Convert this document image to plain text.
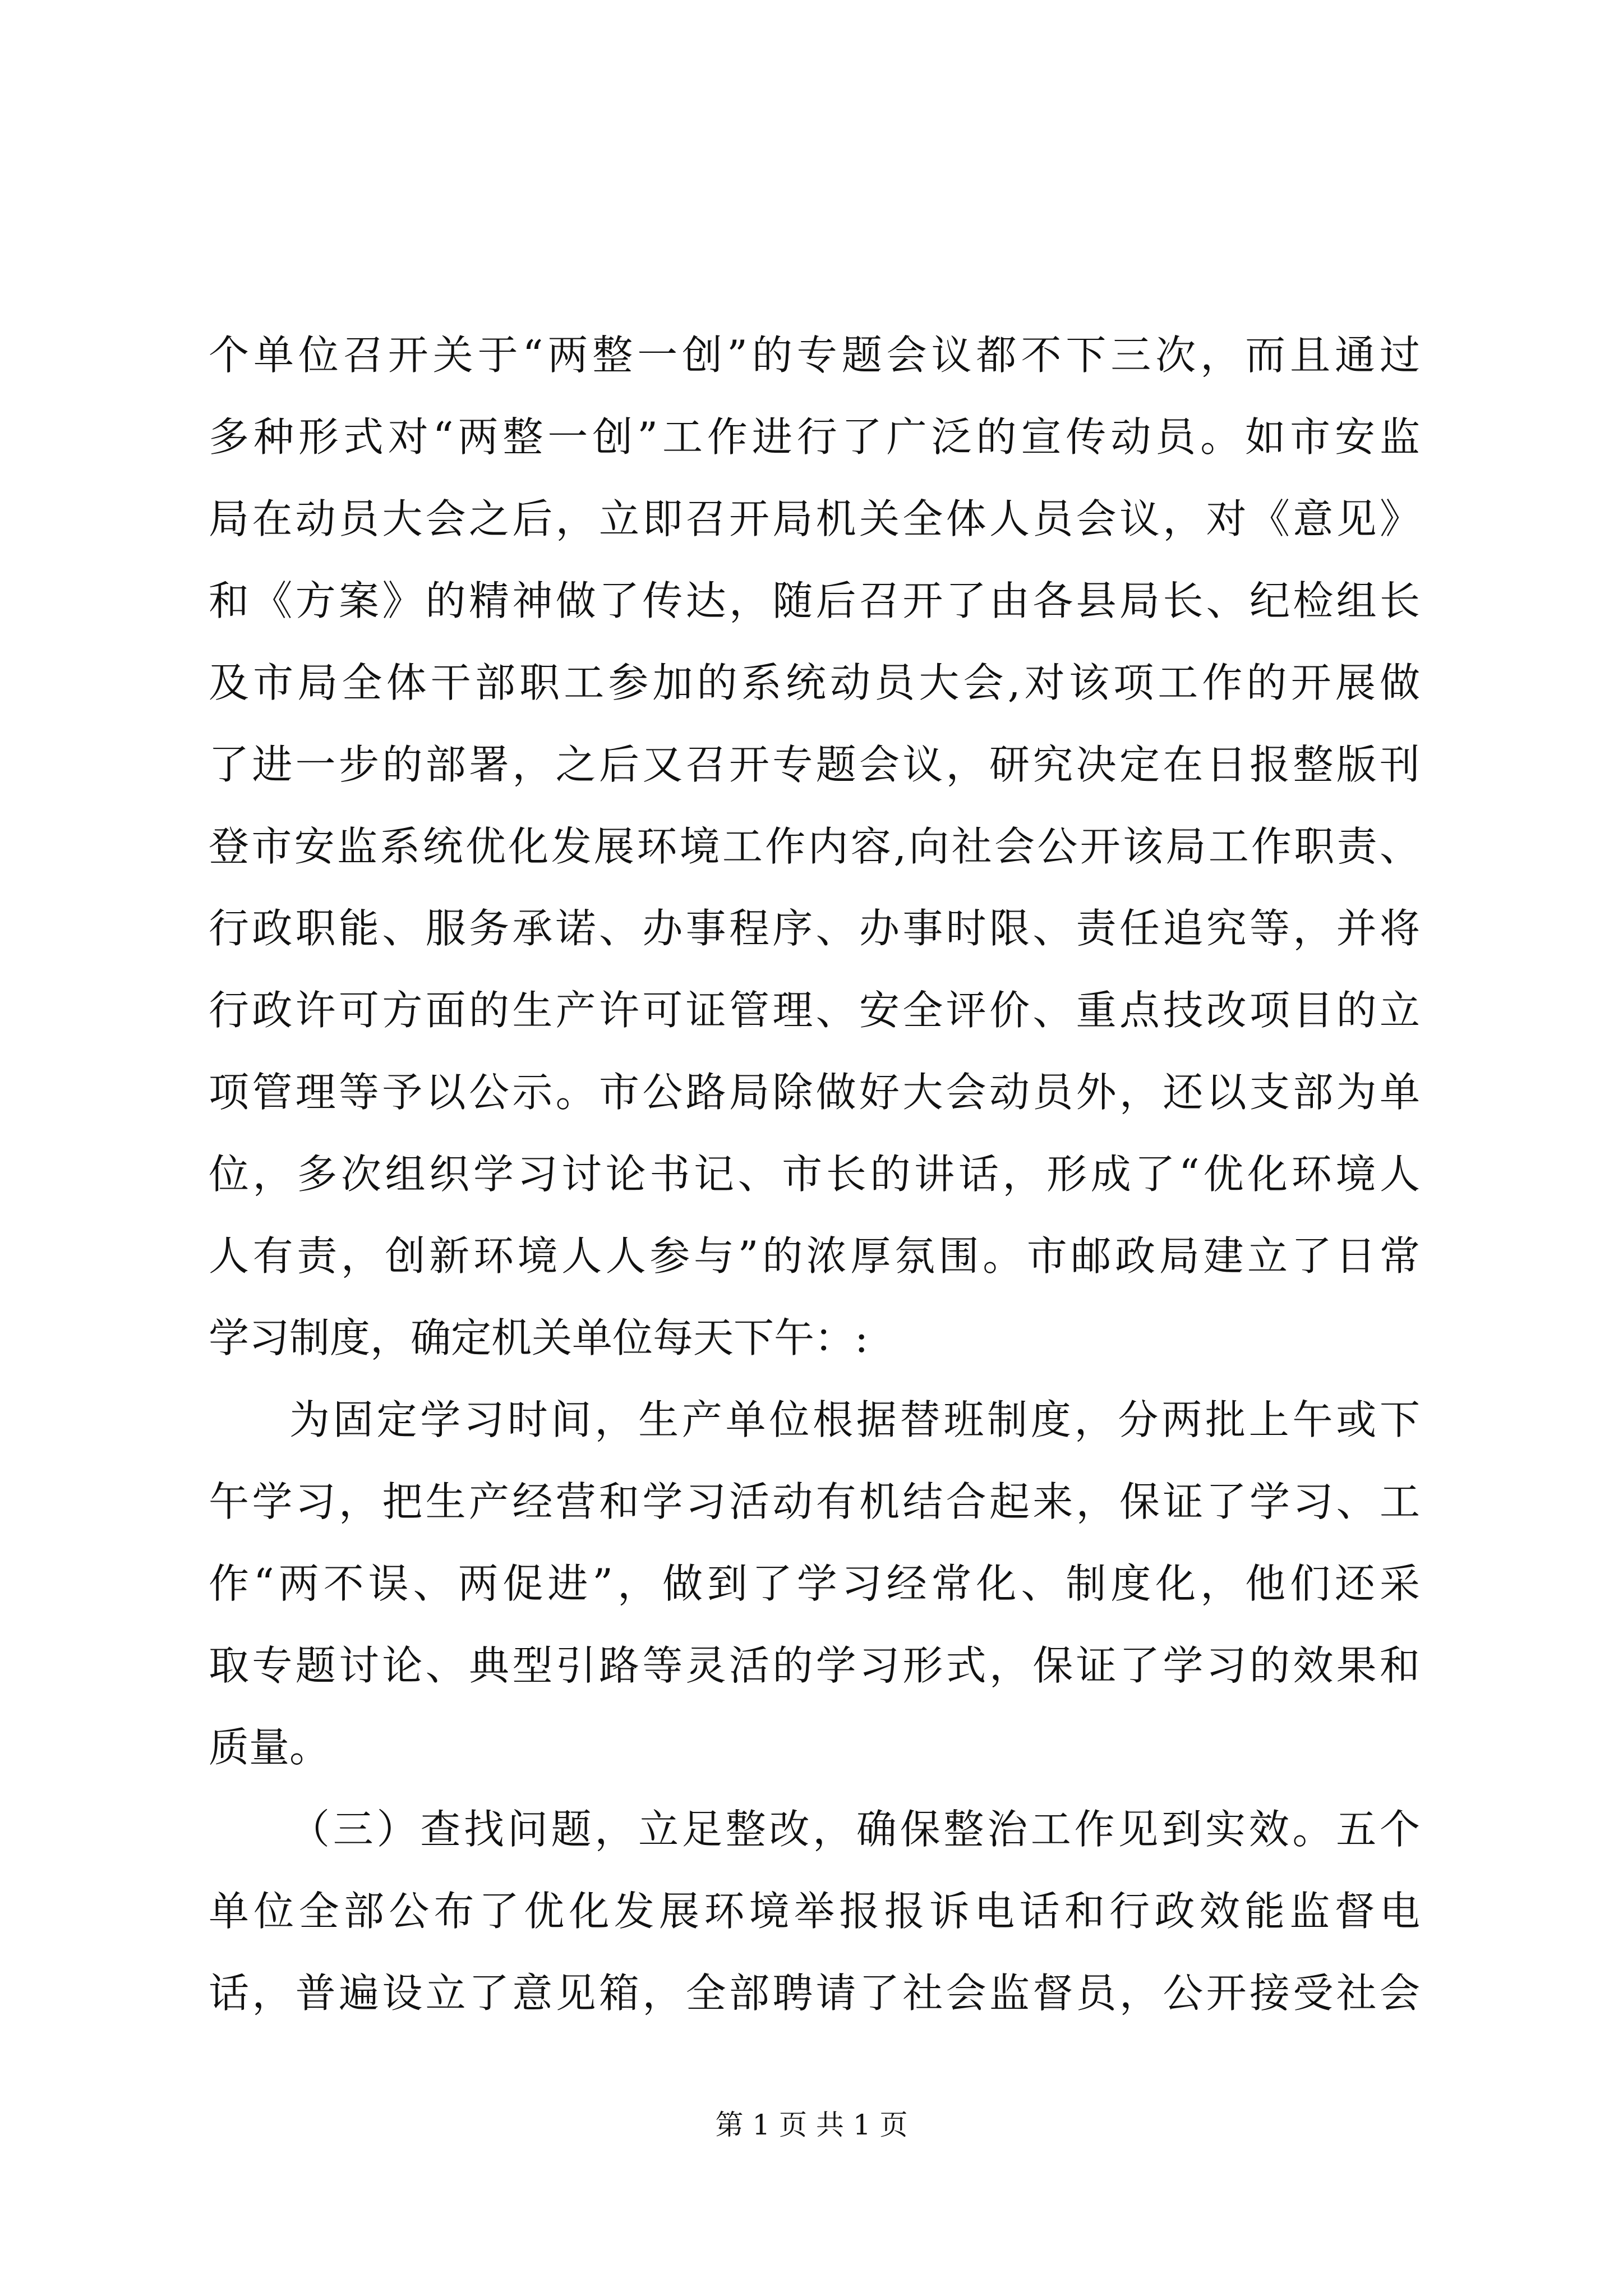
个单位召开关于“两整一创”的专题会议都不下三次，而且通过
多种形式对“两整一创”工作进行了广泛的宣传动员。如市安监
局在动员大会之后，立即召开局机关全体人员会议，对《意见》
和《方案》的精神做了传达，随后召开了由各县局长、纪检组长
及市局全体干部职工参加的系统动员大会,对该项工作的开展做
了进一步的部署，之后又召开专题会议，研究决定在日报整版刊
登市安监系统优化发展环境工作内容,向社会公开该局工作职责、
行政职能、服务承诺、办事程序、办事时限、责任追究等，并将
行政许可方面的生产许可证管理、安全评价、重点技改项目的立
项管理等予以公示。市公路局除做好大会动员外，还以支部为单
位，多次组织学习讨论书记、市长的讲话，形成了“优化环境人
人有责，创新环境人人参与”的浓厚氛围。市邮政局建立了日常
学习制度，确定机关单位每天下午：:
为固定学习时间，生产单位根据替班制度，分两批上午或下
午学习，把生产经营和学习活动有机结合起来，保证了学习、工
作“两不误、两促进”，做到了学习经常化、制度化，他们还采
取专题讨论、典型引路等灵活的学习形式，保证了学习的效果和
质量。
（三）查找问题，立足整改，确保整治工作见到实效。五个
单位全部公布了优化发展环境举报报诉电话和行政效能监督电
话，普遍设立了意见箱，全部聘请了社会监督员，公开接受社会
第 1 页 共 1 页
